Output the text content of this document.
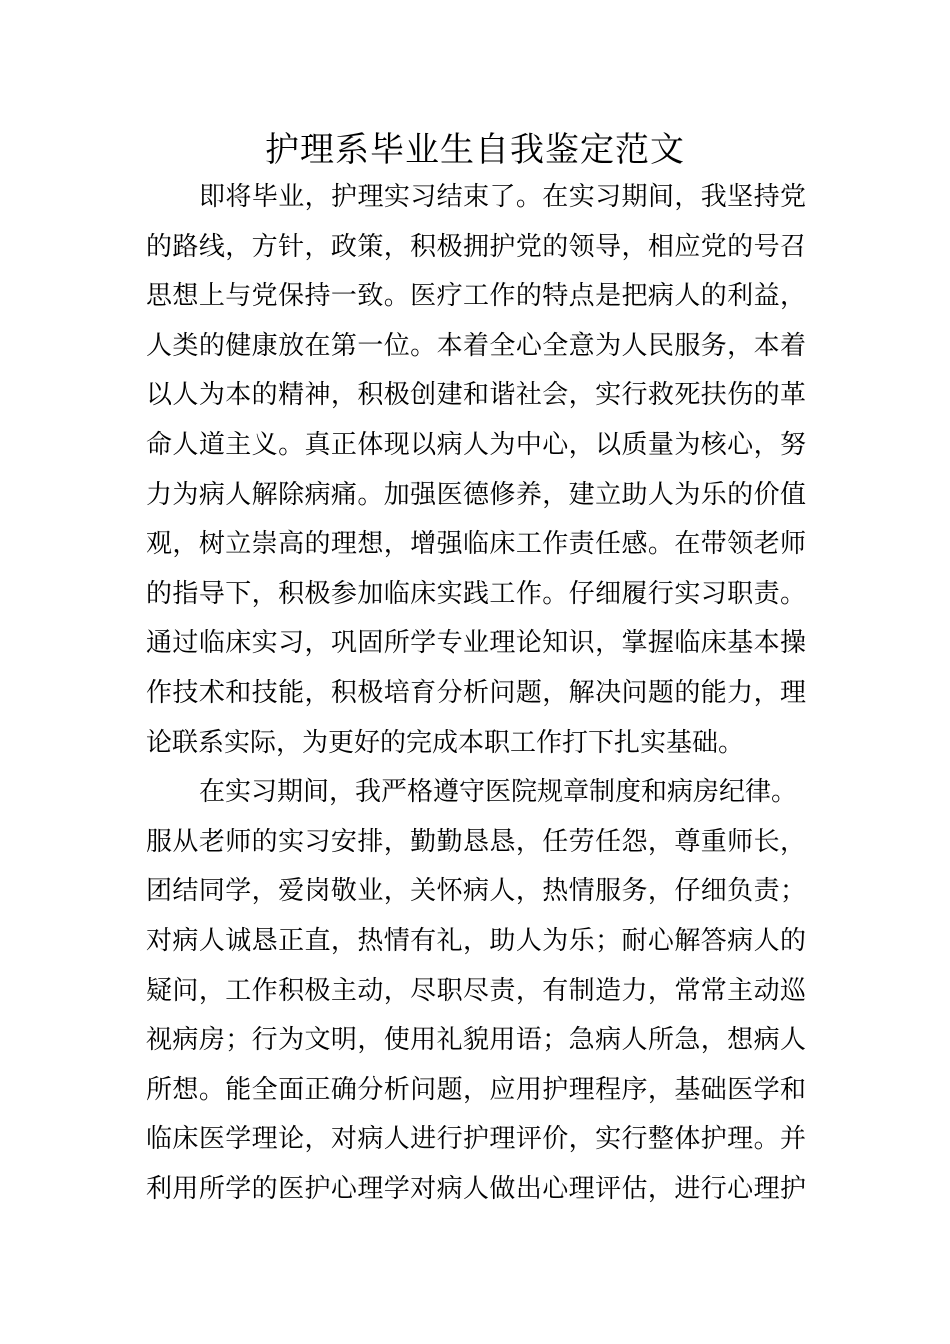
护理系毕业生自我鉴定范文
即将毕业，护理实习结束了。在实习期间，我坚持党
的路线，方针，政策，积极拥护党的领导，相应党的号召
思想上与党保持一致。医疗工作的特点是把病人的利益，
人类的健康放在第一位。本着全心全意为人民服务，本着
以人为本的精神，积极创建和谐社会，实行救死扶伤的革
命人道主义。真正体现以病人为中心，以质量为核心，努
力为病人解除病痛。加强医德修养，建立助人为乐的价值
观，树立崇高的理想，增强临床工作责任感。在带领老师
的指导下，积极参加临床实践工作。仔细履行实习职责。
通过临床实习，巩固所学专业理论知识，掌握临床基本操
作技术和技能，积极培育分析问题，解决问题的能力，理
论联系实际，为更好的完成本职工作打下扎实基础。
在实习期间，我严格遵守医院规章制度和病房纪律。
服从老师的实习安排，勤勤恳恳，任劳任怨，尊重师长，
团结同学，爱岗敬业，关怀病人，热情服务，仔细负责；
对病人诚恳正直，热情有礼，助人为乐；耐心解答病人的
疑问，工作积极主动，尽职尽责，有制造力，常常主动巡
视病房；行为文明，使用礼貌用语；急病人所急，想病人
所想。能全面正确分析问题，应用护理程序，基础医学和
临床医学理论，对病人进行护理评价，实行整体护理。并
利用所学的医护心理学对病人做出心理评估，进行心理护
